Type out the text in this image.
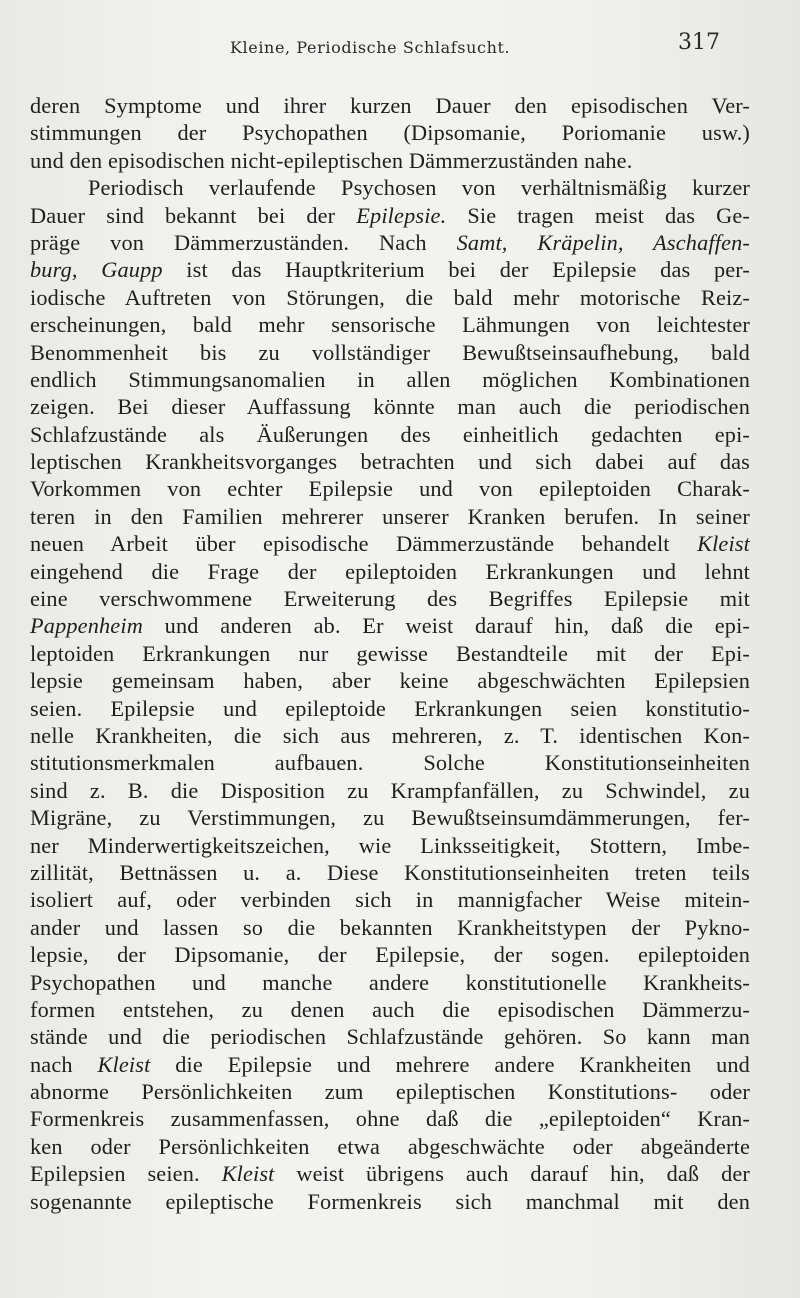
Kleine, Periodische Schlafsucht.	317
deren Symptome und ihrer kurzen Dauer den episodischen Ver-
stimmungen der Psychopathen (Dipsomanie, Poriomanie usw.)
und den episodischen nicht-epileptischen Dämmerzuständen nahe.
Periodisch verlaufende Psychosen von verhältnismäßig kurzer
Dauer sind bekannt bei der Epilepsie. Sie tragen meist das Ge-
präge von Dämmerzuständen. Nach Samt, Kräpelin, Aschaffen-
burg, Gaupp ist das Hauptkriterium bei der Epilepsie das per-
iodische Auftreten von Störungen, die bald mehr motorische Reiz-
erscheinungen, bald mehr sensorische Lähmungen von leichtester
Benommenheit bis zu vollständiger Bewußtseinsaufhebung, bald
endlich Stimmungsanomalien in allen möglichen Kombinationen
zeigen. Bei dieser Auffassung könnte man auch die periodischen
Schlafzustände als Äußerungen des einheitlich gedachten epi-
leptischen Krankheitsvorganges betrachten und sich dabei auf das
Vorkommen von echter Epilepsie und von epileptoiden Charak-
teren in den Familien mehrerer unserer Kranken berufen. In seiner
neuen Arbeit über episodische Dämmerzustände behandelt Kleist
eingehend die Frage der epileptoiden Erkrankungen und lehnt
eine verschwommene Erweiterung des Begriffes Epilepsie mit
Pappenheim und anderen ab. Er weist darauf hin, daß die epi-
leptoiden Erkrankungen nur gewisse Bestandteile mit der Epi-
lepsie gemeinsam haben, aber keine abgeschwächten Epilepsien
seien. Epilepsie und epileptoide Erkrankungen seien konstitutio-
nelle Krankheiten, die sich aus mehreren, z. T. identischen Kon-
stitutionsmerkmalen aufbauen. Solche Konstitutionseinheiten
sind z. B. die Disposition zu Krampfanfällen, zu Schwindel, zu
Migräne, zu Verstimmungen, zu Bewußtseinsumdämmerungen, fer-
ner Minderwertigkeitszeichen, wie Linksseitigkeit, Stottern, Imbe-
zillität, Bettnässen u. a. Diese Konstitutionseinheiten treten teils
isoliert auf, oder verbinden sich in mannigfacher Weise mitein-
ander und lassen so die bekannten Krankheitstypen der Pykno-
lepsie, der Dipsomanie, der Epilepsie, der sogen. epileptoiden
Psychopathen und manche andere konstitutionelle Krankheits-
formen entstehen, zu denen auch die episodischen Dämmerzu-
stände und die periodischen Schlafzustände gehören. So kann man
nach Kleist die Epilepsie und mehrere andere Krankheiten und
abnorme Persönlichkeiten zum epileptischen Konstitutions- oder
Formenkreis zusammenfassen, ohne daß die „epileptoiden“ Kran-
ken oder Persönlichkeiten etwa abgeschwächte oder abgeänderte
Epilepsien seien. Kleist weist übrigens auch darauf hin, daß der
sogenannte epileptische Formenkreis sich manchmal mit den
